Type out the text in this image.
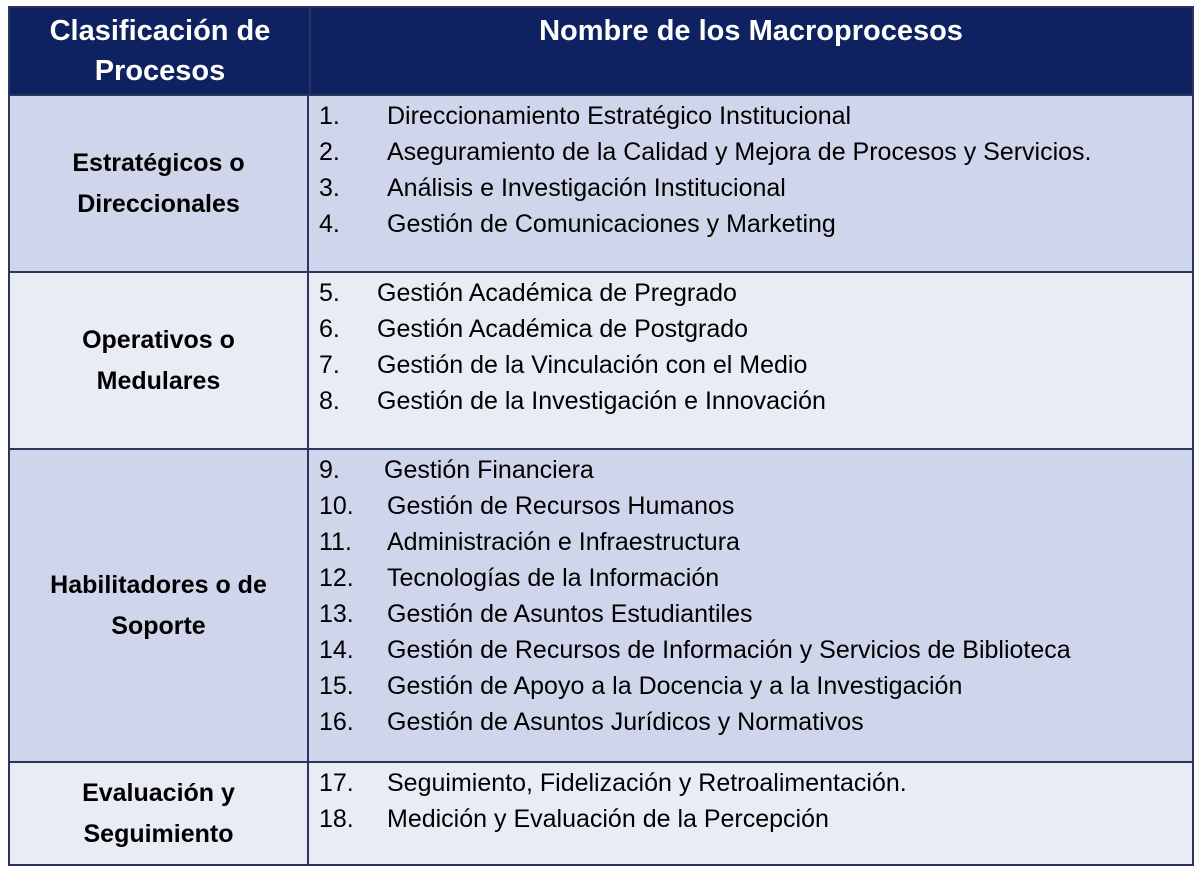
Clasificación de
Procesos
Nombre de los Macroprocesos
Estratégicos o
Direccionales
1. Direccionamiento Estratégico Institucional
2. Aseguramiento de la Calidad y Mejora de Procesos y Servicios.
3. Análisis e Investigación Institucional
4. Gestión de Comunicaciones y Marketing
Operativos o
Medulares
5. Gestión Académica de Pregrado
6. Gestión Académica de Postgrado
7. Gestión de la Vinculación con el Medio
8. Gestión de la Investigación e Innovación
Habilitadores o de
Soporte
9. Gestión Financiera
10. Gestión de Recursos Humanos
11. Administración e Infraestructura
12. Tecnologías de la Información
13. Gestión de Asuntos Estudiantiles
14. Gestión de Recursos de Información y Servicios de Biblioteca
15. Gestión de Apoyo a la Docencia y a la Investigación
16. Gestión de Asuntos Jurídicos y Normativos
Evaluación y
Seguimiento
17. Seguimiento, Fidelización y Retroalimentación.
18. Medición y Evaluación de la Percepción
